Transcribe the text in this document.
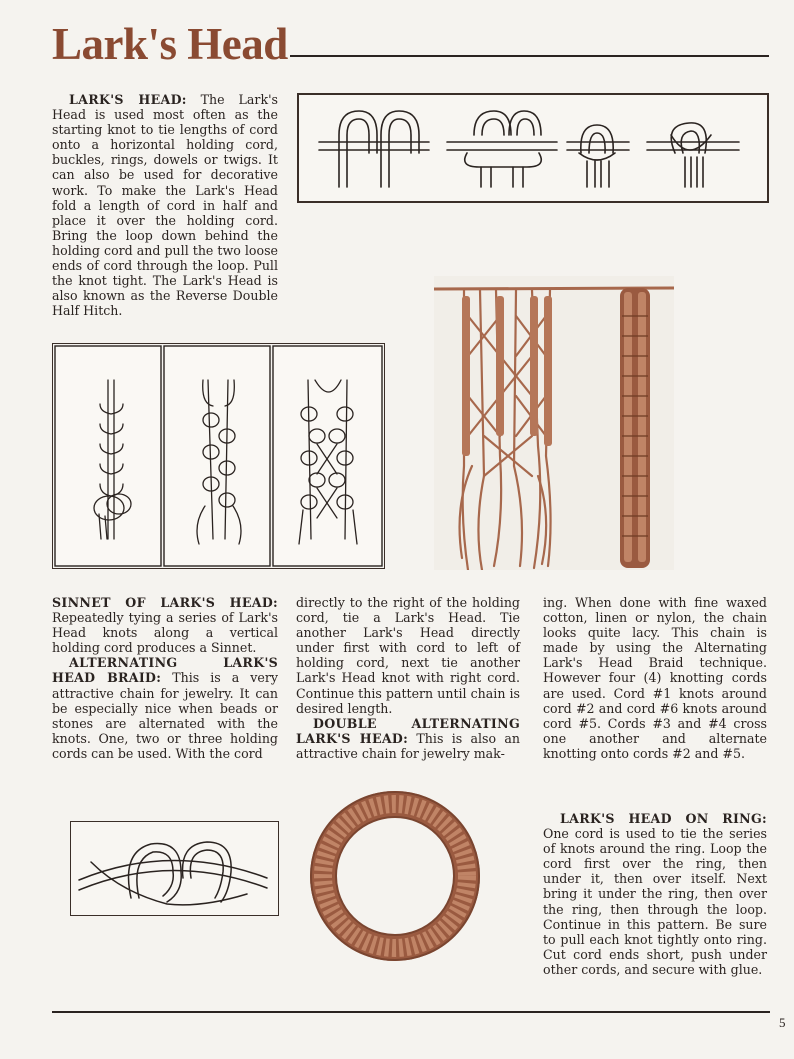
Lark's Head

LARK'S HEAD: The Lark's Head is used most often as the starting knot to tie lengths of cord onto a horizontal holding cord, buckles, rings, dowels or twigs. It can also be used for decorative work. To make the Lark's Head fold a length of cord in half and place it over the holding cord. Bring the loop down behind the holding cord and pull the two loose ends of cord through the loop. Pull the knot tight. The Lark's Head is also known as the Reverse Double Half Hitch.

SINNET OF LARK'S HEAD: Repeatedly tying a series of Lark's Head knots along a vertical holding cord produces a Sinnet.

ALTERNATING LARK'S HEAD BRAID: This is a very attractive chain for jewelry. It can be especially nice when beads or stones are alternated with the knots. One, two or three holding cords can be used. With the cord

directly to the right of the holding cord, tie a Lark's Head. Tie another Lark's Head directly under first with cord to left of holding cord, next tie another Lark's Head knot with right cord. Continue this pattern until chain is desired length.

DOUBLE ALTERNATING LARK'S HEAD: This is also an attractive chain for jewelry mak-

ing. When done with fine waxed cotton, linen or nylon, the chain looks quite lacy. This chain is made by using the Alternating Lark's Head Braid technique. However four (4) knotting cords are used. Cord #1 knots around cord #2 and cord #6 knots around cord #5. Cords #3 and #4 cross one another and alternate knotting onto cords #2 and #5.

LARK'S HEAD ON RING: One cord is used to tie the series of knots around the ring. Loop the cord first over the ring, then under it, then over itself. Next bring it under the ring, then over the ring, then through the loop. Continue in this pattern. Be sure to pull each knot tightly onto ring. Cut cord ends short, push under other cords, and secure with glue.

5
